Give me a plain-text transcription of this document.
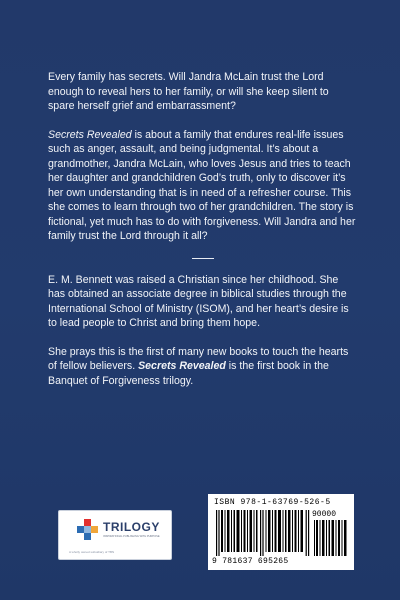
Every family has secrets. Will Jandra McLain trust the Lord enough to reveal hers to her family, or will she keep silent to spare herself grief and embarrassment?

Secrets Revealed is about a family that endures real-life issues such as anger, assault, and being judgmental. It’s about a grandmother, Jandra McLain, who loves Jesus and tries to teach her daughter and grandchildren God’s truth, only to discover it’s her own understanding that is in need of a refresher course. This she comes to learn through two of her grandchildren. The story is fictional, yet much has to do with forgiveness. Will Jandra and her family trust the Lord through it all?

E. M. Bennett was raised a Christian since her childhood. She has obtained an associate degree in biblical studies through the International School of Ministry (ISOM), and her heart’s desire is to lead people to Christ and bring them hope.

She prays this is the first of many new books to touch the hearts of fellow believers. Secrets Revealed is the first book in the Banquet of Forgiveness trilogy.

TRILOGY
INSPIRATIONAL PUBLISHING WITH PURPOSE
A wholly owned subsidiary of TBN
ISBN 978-1-63769-526-5
90000
9 781637 695265
